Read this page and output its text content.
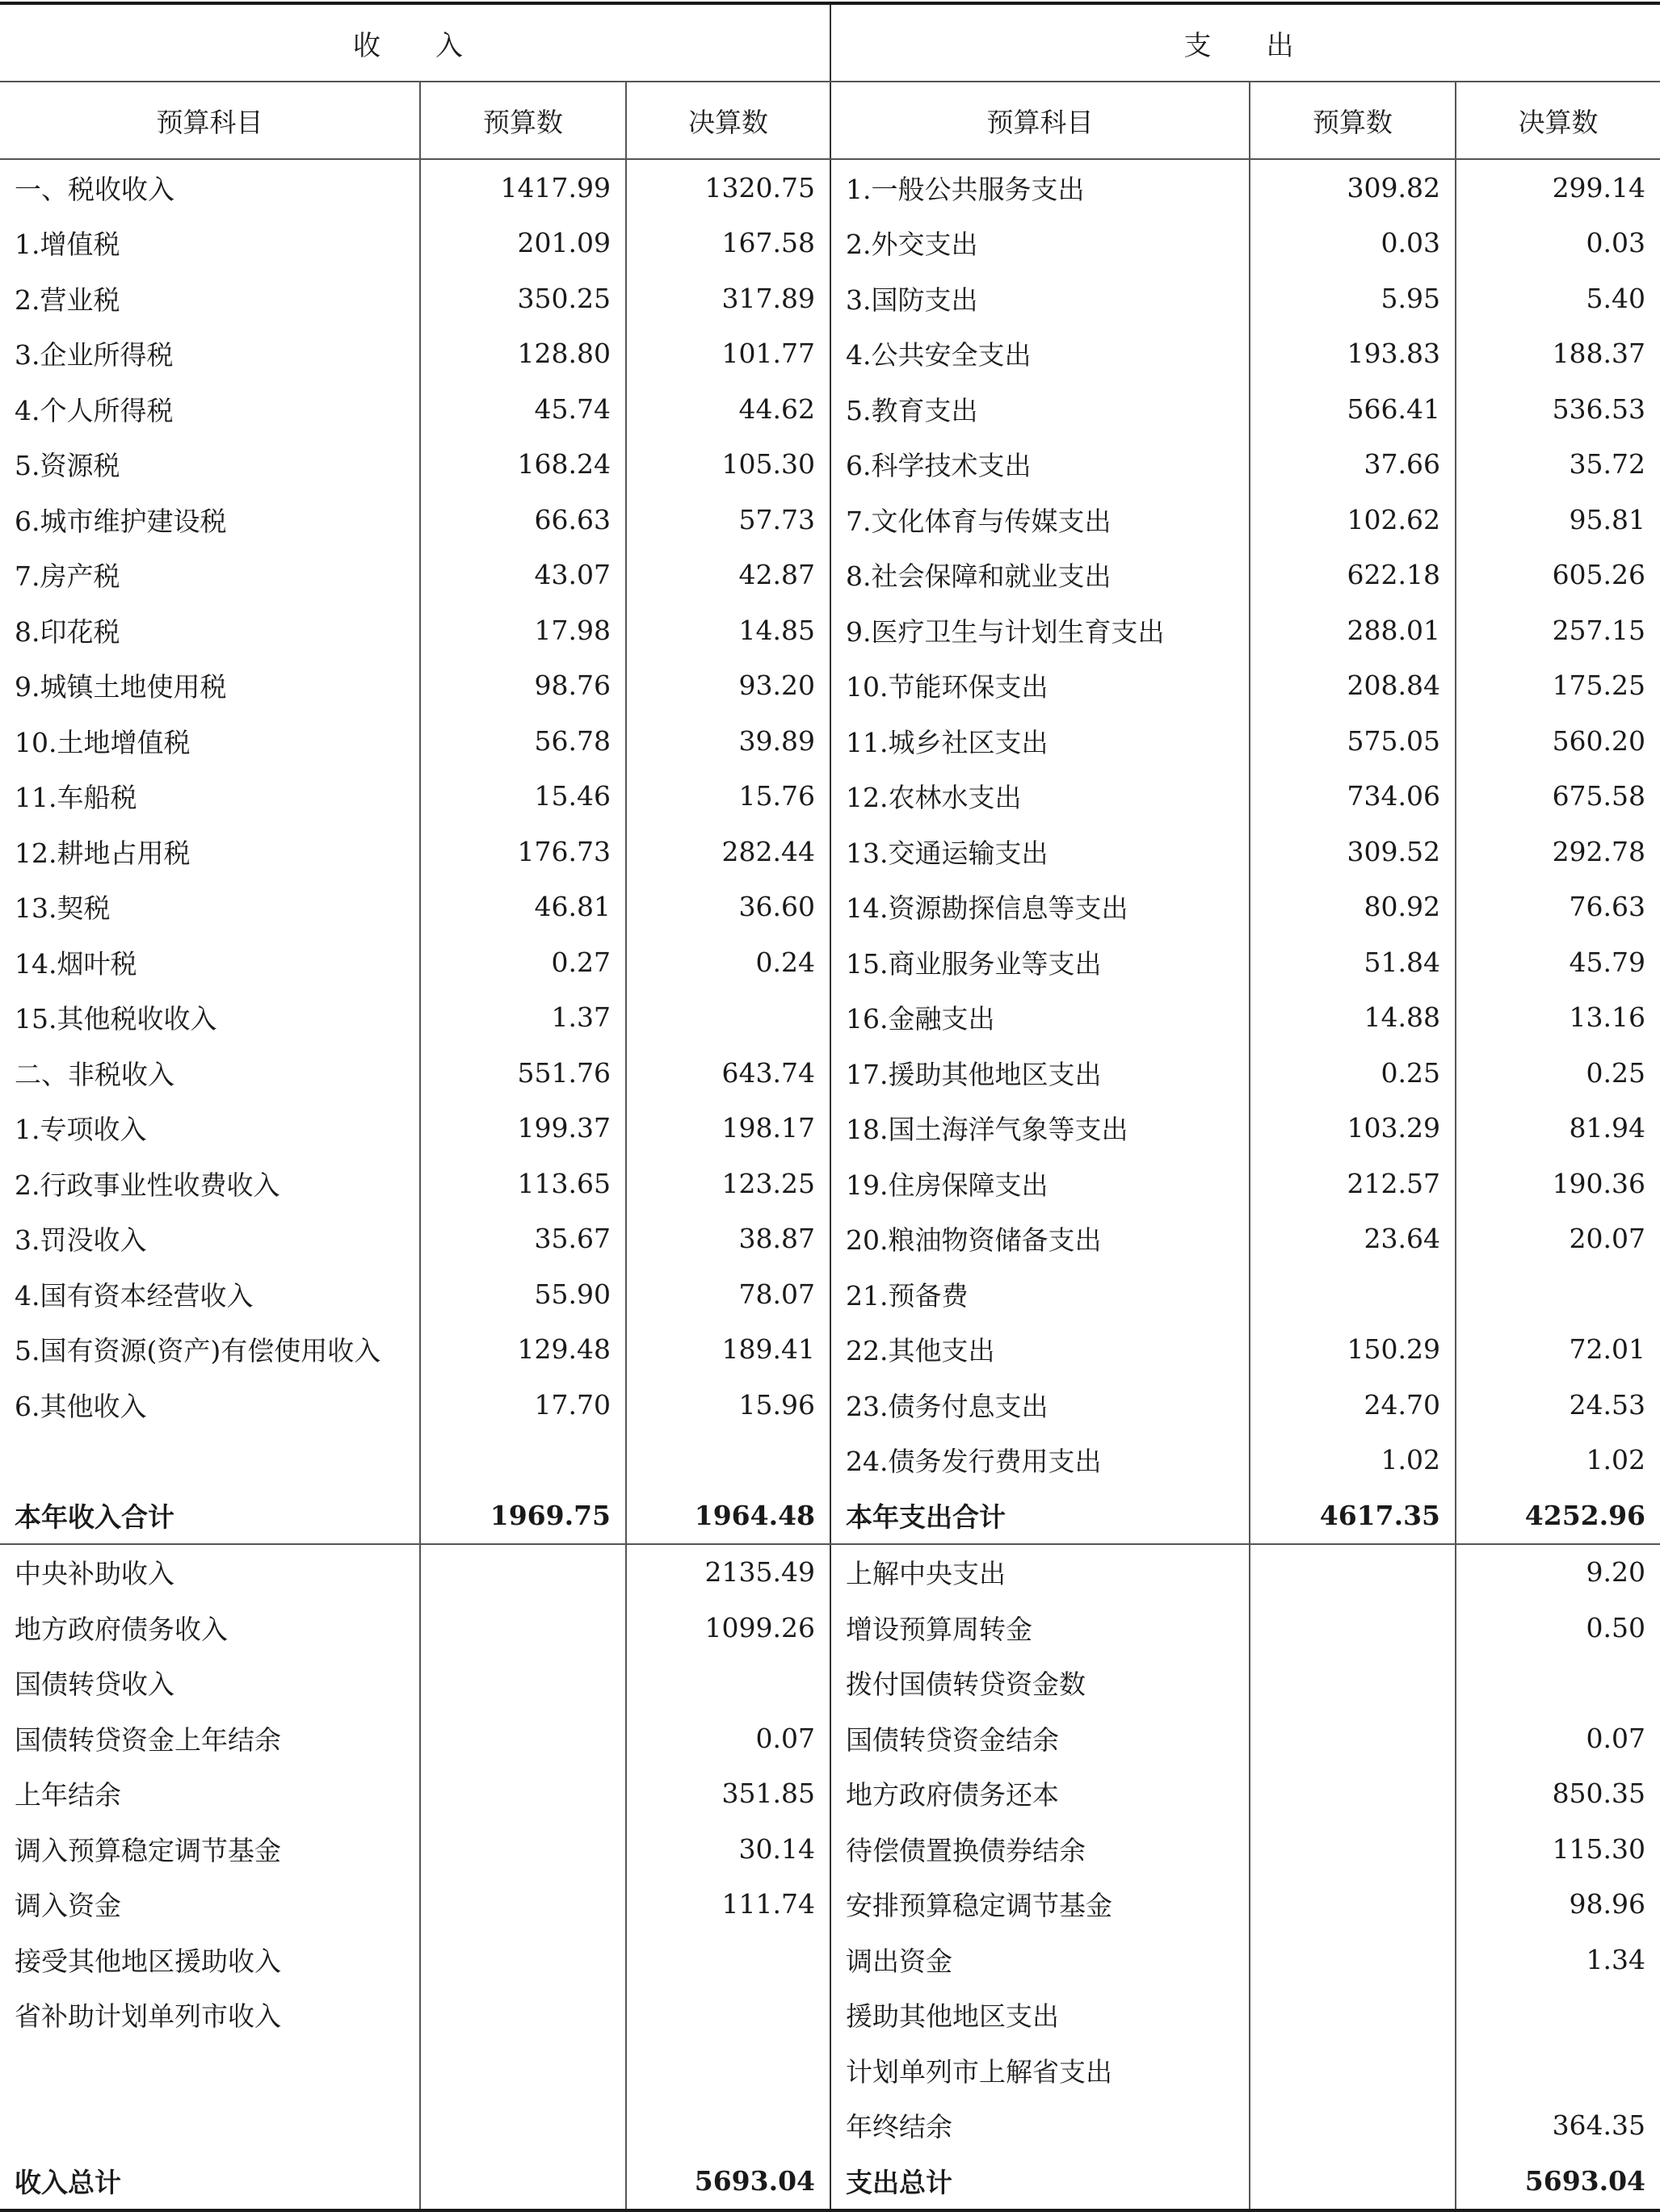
收　入			支　出		
预算科目	预算数	决算数	预算科目	预算数	决算数
一、税收收入	1417.99	1320.75	1.一般公共服务支出	309.82	299.14
1.增值税	201.09	167.58	2.外交支出	0.03	0.03
2.营业税	350.25	317.89	3.国防支出	5.95	5.40
3.企业所得税	128.80	101.77	4.公共安全支出	193.83	188.37
4.个人所得税	45.74	44.62	5.教育支出	566.41	536.53
5.资源税	168.24	105.30	6.科学技术支出	37.66	35.72
6.城市维护建设税	66.63	57.73	7.文化体育与传媒支出	102.62	95.81
7.房产税	43.07	42.87	8.社会保障和就业支出	622.18	605.26
8.印花税	17.98	14.85	9.医疗卫生与计划生育支出	288.01	257.15
9.城镇土地使用税	98.76	93.20	10.节能环保支出	208.84	175.25
10.土地增值税	56.78	39.89	11.城乡社区支出	575.05	560.20
11.车船税	15.46	15.76	12.农林水支出	734.06	675.58
12.耕地占用税	176.73	282.44	13.交通运输支出	309.52	292.78
13.契税	46.81	36.60	14.资源勘探信息等支出	80.92	76.63
14.烟叶税	0.27	0.24	15.商业服务业等支出	51.84	45.79
15.其他税收收入	1.37		16.金融支出	14.88	13.16
二、非税收入	551.76	643.74	17.援助其他地区支出	0.25	0.25
1.专项收入	199.37	198.17	18.国土海洋气象等支出	103.29	81.94
2.行政事业性收费收入	113.65	123.25	19.住房保障支出	212.57	190.36
3.罚没收入	35.67	38.87	20.粮油物资储备支出	23.64	20.07
4.国有资本经营收入	55.90	78.07	21.预备费		
5.国有资源(资产)有偿使用收入	129.48	189.41	22.其他支出	150.29	72.01
6.其他收入	17.70	15.96	23.债务付息支出	24.70	24.53
			24.债务发行费用支出	1.02	1.02
本年收入合计	1969.75	1964.48	本年支出合计	4617.35	4252.96
中央补助收入		2135.49	上解中央支出		9.20
地方政府债务收入		1099.26	增设预算周转金		0.50
国债转贷收入			拨付国债转贷资金数		
国债转贷资金上年结余		0.07	国债转贷资金结余		0.07
上年结余		351.85	地方政府债务还本		850.35
调入预算稳定调节基金		30.14	待偿债置换债券结余		115.30
调入资金		111.74	安排预算稳定调节基金		98.96
接受其他地区援助收入			调出资金		1.34
省补助计划单列市收入			援助其他地区支出		
			计划单列市上解省支出		
			年终结余		364.35
收入总计		5693.04	支出总计		5693.04
